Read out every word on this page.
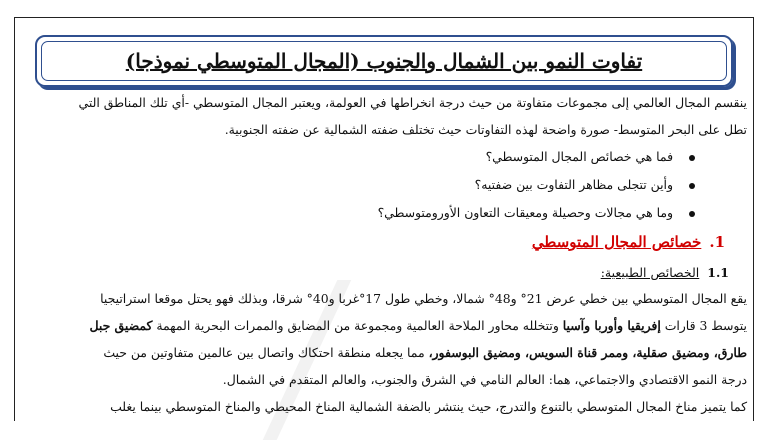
تفاوت النمو بين الشمال والجنوب (المجال المتوسطي نموذجا)
ينقسم المجال العالمي إلى مجموعات متفاوتة من حيث درجة انخراطها في العولمة، ويعتبر المجال المتوسطي -أي تلك المناطق التي
تطل على البحر المتوسط- صورة واضحة لهذه التفاوتات حيث تختلف ضفته الشمالية عن ضفته الجنوبية.
فما هي خصائص المجال المتوسطي؟
وأين تتجلى مظاهر التفاوت بين ضفتيه؟
وما هي مجالات وحصيلة ومعيقات التعاون الأورومتوسطي؟
1.خصائص المجال المتوسطي
1.1الخصائص الطبيعية:
يقع المجال المتوسطي بين خطي عرض 21° و48° شمالا، وخطي طول 17°غربا و40° شرقا، وبذلك فهو يحتل موقعا استراتيجيا
يتوسط 3 قارات إفريقيا وأوربا وآسيا وتتخلله محاور الملاحة العالمية ومجموعة من المضايق والممرات البحرية المهمة كمضيق جبل
طارق، ومضيق صقلية، وممر قناة السويس، ومضيق البوسفور، مما يجعله منطقة احتكاك واتصال بين عالمين متفاوتين من حيث
درجة النمو الاقتصادي والاجتماعي، هما: العالم النامي في الشرق والجنوب، والعالم المتقدم في الشمال.
كما يتميز مناخ المجال المتوسطي بالتنوع والتدرج، حيث ينتشر بالضفة الشمالية المناخ المحيطي والمناخ المتوسطي بينما يغلب
